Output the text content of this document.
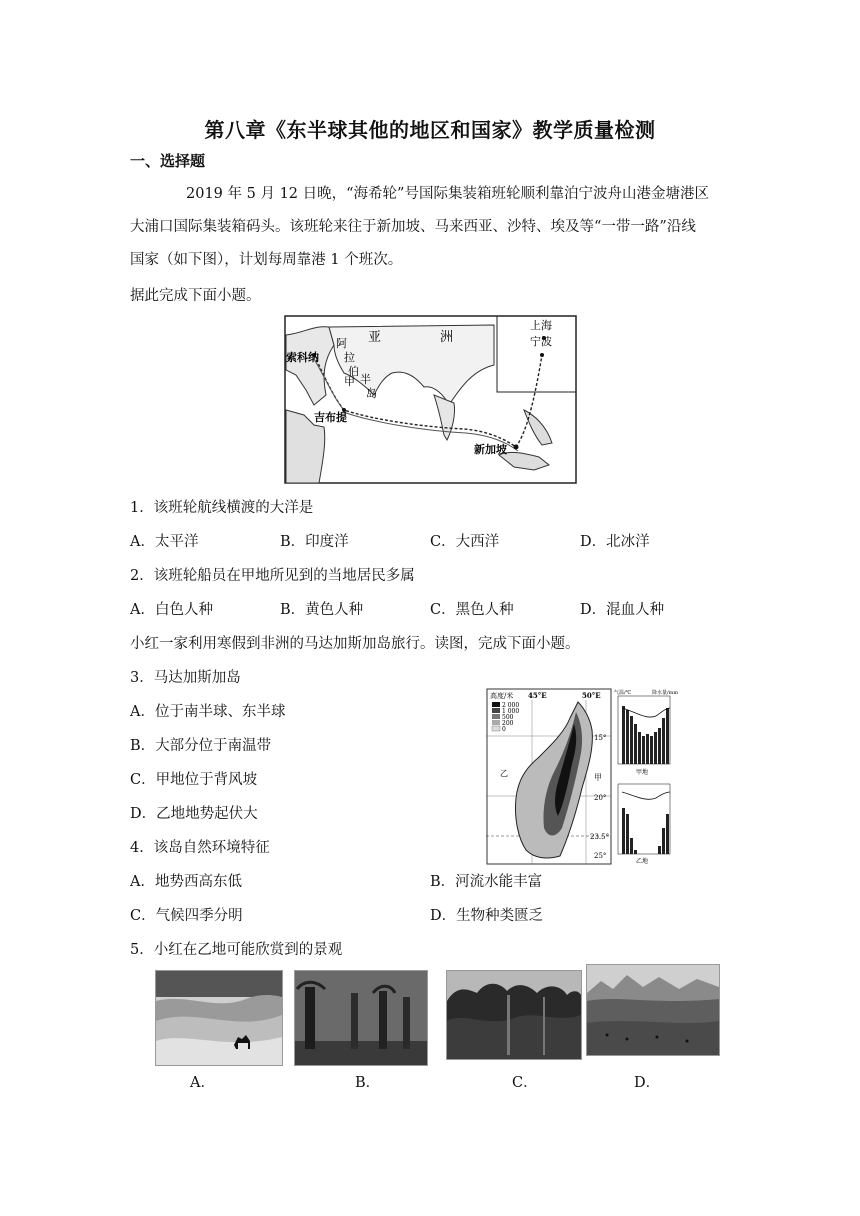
第八章《东半球其他的地区和国家》教学质量检测
一、选择题
2019 年 5 月 12 日晚，“海希轮”号国际集装箱班轮顺利靠泊宁波舟山港金塘港区
大浦口国际集装箱码头。该班轮来往于新加坡、马来西亚、沙特、埃及等“一带一路”沿线
国家（如下图），计划每周靠港 1 个班次。
据此完成下面小题。
亚	洲
阿
拉
伯
半
岛
甲
索科纳
吉布提
新加坡
上海
宁波
1．该班轮航线横渡的大洋是
A．太平洋	B．印度洋	C．大西洋	D．北冰洋
2．该班轮船员在甲地所见到的当地居民多属
A．白色人种	B．黄色人种	C．黑色人种	D．混血人种
小红一家利用寒假到非洲的马达加斯加岛旅行。读图，完成下面小题。
3．马达加斯加岛
A．位于南半球、东半球
B．大部分位于南温带
C．甲地位于背风坡
D．乙地地势起伏大
4．该岛自然环境特征
A．地势西高东低	B．河流水能丰富
C．气候四季分明	D．生物种类匮乏
高度/米
2 000
1 000
500
200
0
45°E	50°E
15°
20°
23.5°
25°
乙	甲
气温/℃	降水量/mm
甲地
乙地
5．小红在乙地可能欣赏到的景观
A．	B．	C．	D．
